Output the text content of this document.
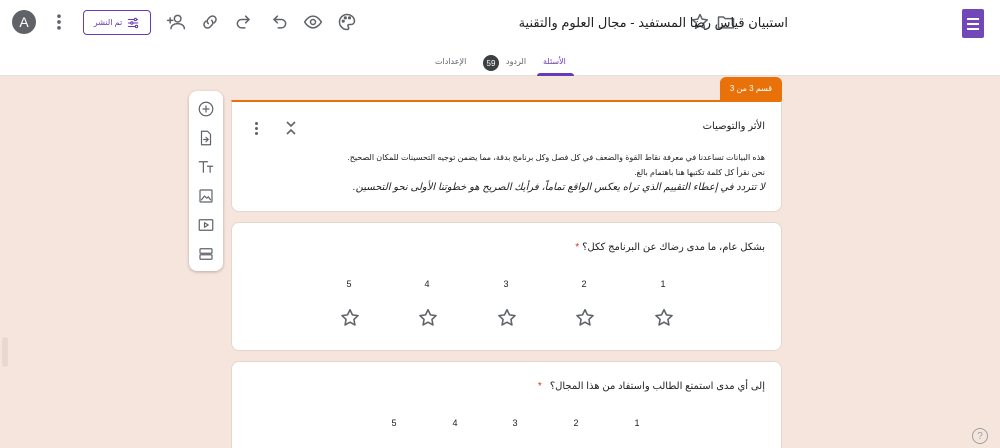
A	تم النشر	استبيان قياس رضا المستفيد - مجال العلوم والتقنية
الإعدادات	59	الردود الأسئلة
قسم 3 من 3
الأثر والتوصيات
هذه البيانات تساعدنا في معرفة نقاط القوة والضعف في كل فصل وكل برنامج بدقة، مما يضمن توجيه التحسينات للمكان الصحيح.
نحن نقرأ كل كلمة تكتبها هنا باهتمام بالغ.
لا تتردد في إعطاء التقييم الذي تراه يعكس الواقع تماماً، فرأيك الصريح هو خطوتنا الأولى نحو التحسين.
بشكل عام، ما مدى رضاك عن البرنامج ككل؟*
1
2
3
4
5
إلى أي مدى استمتع الطالب واستفاد من هذا المجال؟*
1
2
3
4
5
?
